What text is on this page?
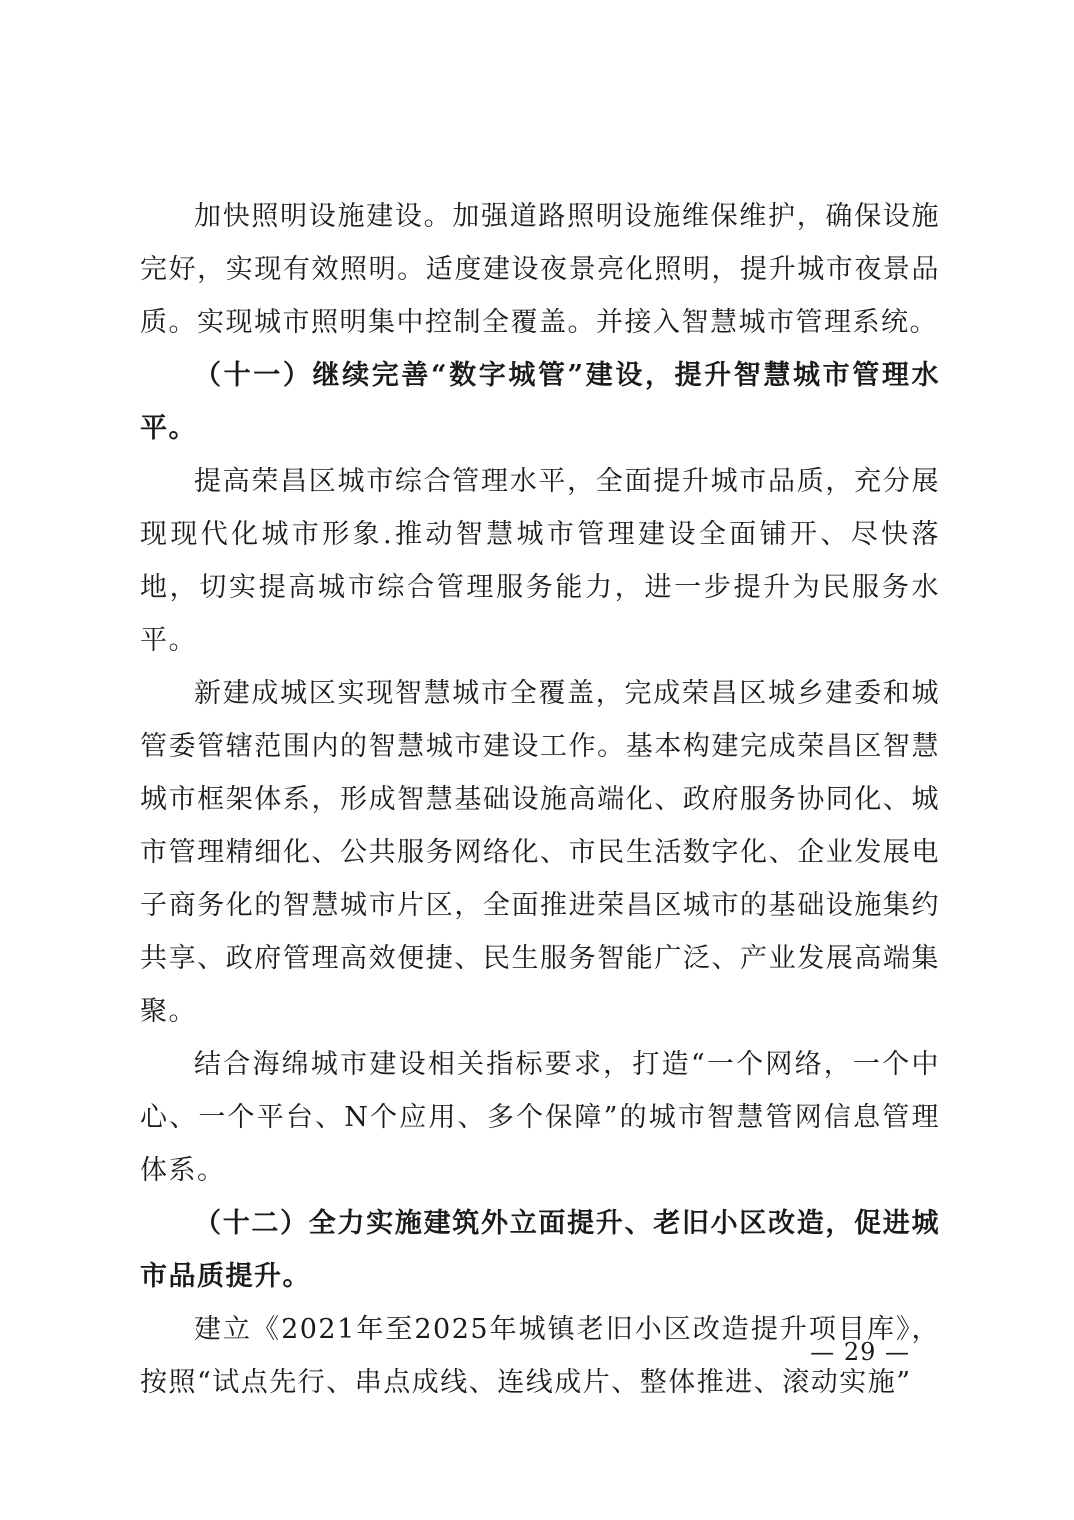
加快照明设施建设。加强道路照明设施维保维护，确保设施完好，实现有效照明。适度建设夜景亮化照明，提升城市夜景品质。实现城市照明集中控制全覆盖。并接入智慧城市管理系统。

（十一）继续完善“数字城管”建设，提升智慧城市管理水平。

提高荣昌区城市综合管理水平，全面提升城市品质，充分展现现代化城市形象.推动智慧城市管理建设全面铺开、尽快落地，切实提高城市综合管理服务能力，进一步提升为民服务水平。

新建成城区实现智慧城市全覆盖，完成荣昌区城乡建委和城管委管辖范围内的智慧城市建设工作。基本构建完成荣昌区智慧城市框架体系，形成智慧基础设施高端化、政府服务协同化、城市管理精细化、公共服务网络化、市民生活数字化、企业发展电子商务化的智慧城市片区，全面推进荣昌区城市的基础设施集约共享、政府管理高效便捷、民生服务智能广泛、产业发展高端集聚。

结合海绵城市建设相关指标要求，打造“一个网络，一个中心、一个平台、N个应用、多个保障”的城市智慧管网信息管理体系。

（十二）全力实施建筑外立面提升、老旧小区改造，促进城市品质提升。

建立《2021年至2025年城镇老旧小区改造提升项目库》，按照“试点先行、串点成线、连线成片、整体推进、滚动实施”

— 29 —
